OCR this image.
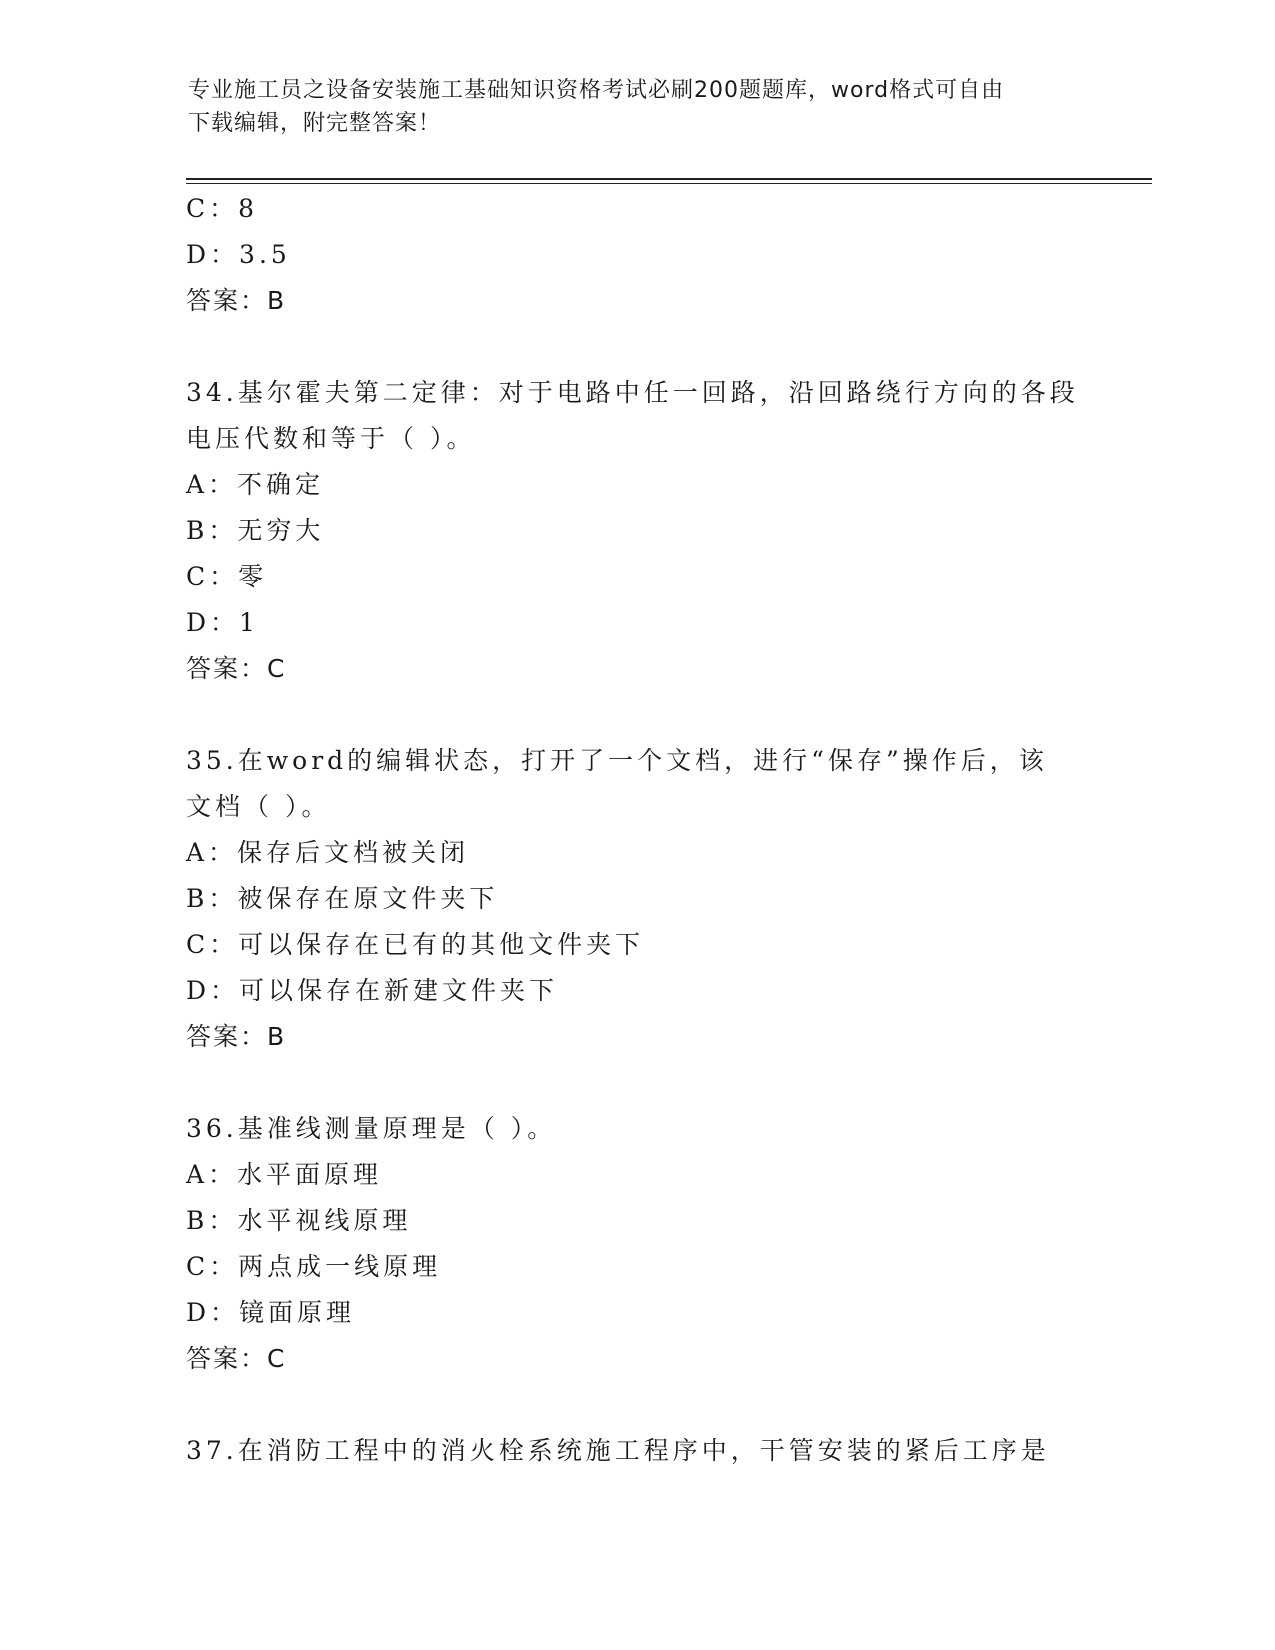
专业施工员之设备安装施工基础知识资格考试必刷200题题库，word格式可自由
下载编辑，附完整答案！
C：8
D：3.5
答案：B
34.基尔霍夫第二定律：对于电路中任一回路，沿回路绕行方向的各段
电压代数和等于（ ）。
A：不确定
B：无穷大
C：零
D：1
答案：C
35.在word的编辑状态，打开了一个文档，进行“保存”操作后，该
文档（ ）。
A：保存后文档被关闭
B：被保存在原文件夹下
C：可以保存在已有的其他文件夹下
D：可以保存在新建文件夹下
答案：B
36.基准线测量原理是（ ）。
A：水平面原理
B：水平视线原理
C：两点成一线原理
D：镜面原理
答案：C
37.在消防工程中的消火栓系统施工程序中，干管安装的紧后工序是
